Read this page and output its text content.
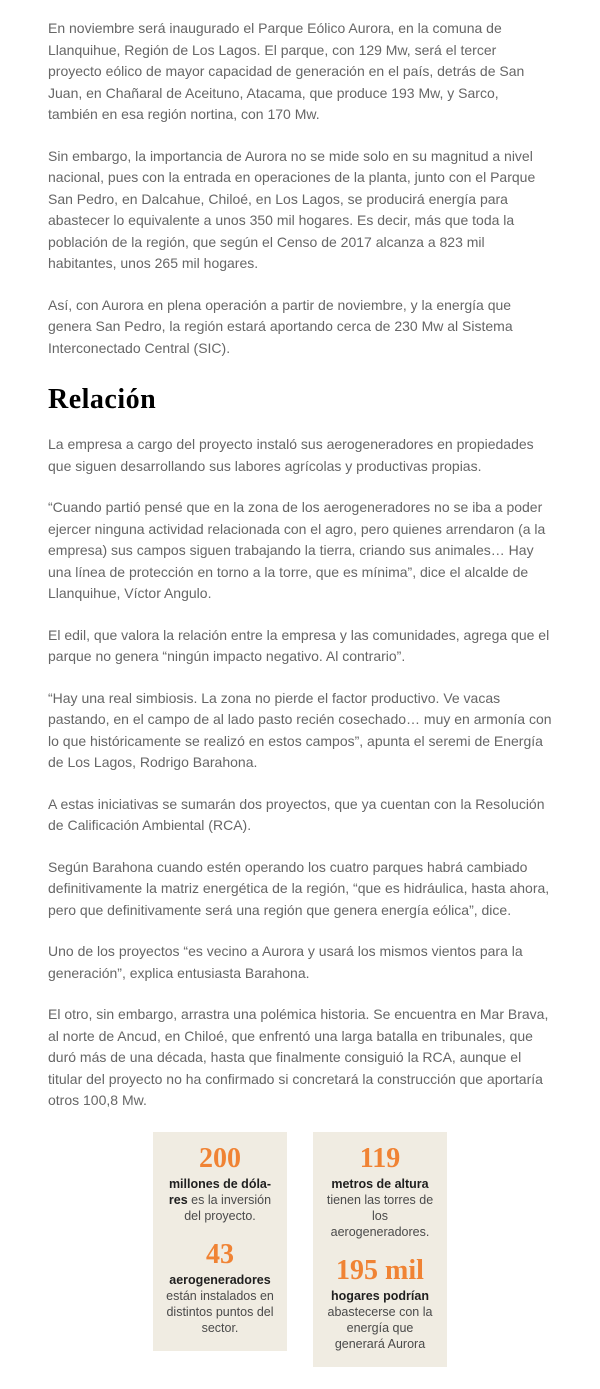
En noviembre será inaugurado el Parque Eólico Aurora, en la comuna de Llanquihue, Región de Los Lagos. El parque, con 129 Mw, será el tercer proyecto eólico de mayor capacidad de generación en el país, detrás de San Juan, en Chañaral de Aceituno, Atacama, que produce 193 Mw, y Sarco, también en esa región nortina, con 170 Mw.

Sin embargo, la importancia de Aurora no se mide solo en su magnitud a nivel nacional, pues con la entrada en operaciones de la planta, junto con el Parque San Pedro, en Dalcahue, Chiloé, en Los Lagos, se producirá energía para abastecer lo equivalente a unos 350 mil hogares. Es decir, más que toda la población de la región, que según el Censo de 2017 alcanza a 823 mil habitantes, unos 265 mil hogares.

Así, con Aurora en plena operación a partir de noviembre, y la energía que genera San Pedro, la región estará aportando cerca de 230 Mw al Sistema Interconectado Central (SIC).

Relación

La empresa a cargo del proyecto instaló sus aerogeneradores en propiedades que siguen desarrollando sus labores agrícolas y productivas propias.

“Cuando partió pensé que en la zona de los aerogeneradores no se iba a poder ejercer ninguna actividad relacionada con el agro, pero quienes arrendaron (a la empresa) sus campos siguen trabajando la tierra, criando sus animales… Hay una línea de protección en torno a la torre, que es mínima”, dice el alcalde de Llanquihue, Víctor Angulo.

El edil, que valora la relación entre la empresa y las comunidades, agrega que el parque no genera “ningún impacto negativo. Al contrario”.

“Hay una real simbiosis. La zona no pierde el factor productivo. Ve vacas pastando, en el campo de al lado pasto recién cosechado… muy en armonía con lo que históricamente se realizó en estos campos”, apunta el seremi de Energía de Los Lagos, Rodrigo Barahona.

A estas iniciativas se sumarán dos proyectos, que ya cuentan con la Resolución de Calificación Ambiental (RCA).

Según Barahona cuando estén operando los cuatro parques habrá cambiado definitivamente la matriz energética de la región, “que es hidráulica, hasta ahora, pero que definitivamente será una región que genera energía eólica”, dice.

Uno de los proyectos “es vecino a Aurora y usará los mismos vientos para la generación”, explica entusiasta Barahona.

El otro, sin embargo, arrastra una polémica historia. Se encuentra en Mar Brava, al norte de Ancud, en Chiloé, que enfrentó una larga batalla en tribunales, que duró más de una década, hasta que finalmente consiguió la RCA, aunque el titular del proyecto no ha confirmado si concretará la construcción que aportaría otros 100,8 Mw.

200
millones de dóla-res es la inversión del proyecto.
43
aerogeneradores están instalados en distintos puntos del sector.
119
metros de altura tienen las torres de los aerogeneradores.
195 mil
hogares podrían abastecerse con la energía que generará Aurora
